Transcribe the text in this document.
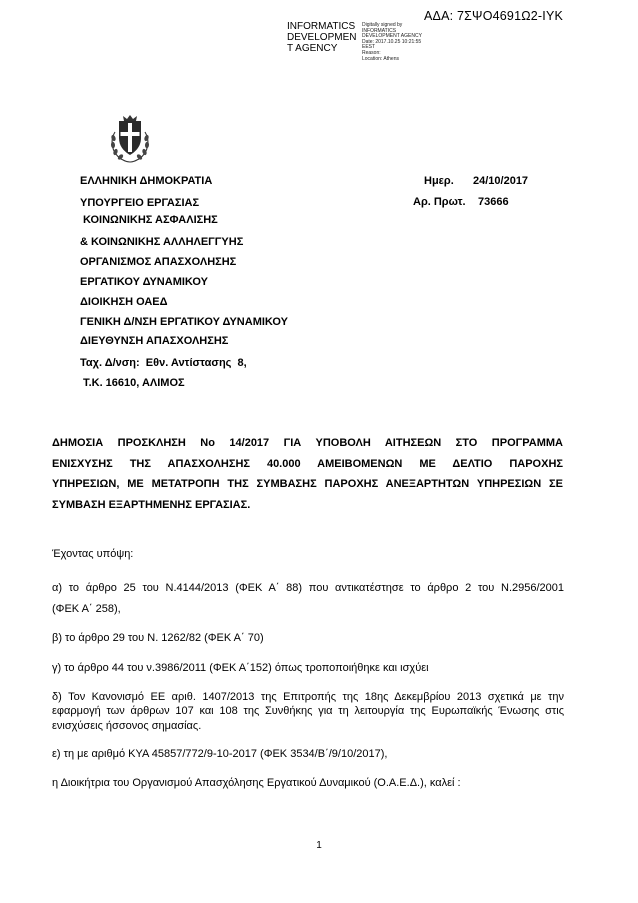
ΑΔΑ: 7ΣΨΟ4691Ω2-ΙΥΚ
INFORMATICS
DEVELOPMEN
T AGENCY
Digitally signed by
INFORMATICS
DEVELOPMENT AGENCY
Date: 2017.10.25 10:21:55
EEST
Reason:
Location: Athens
ΕΛΛΗΝΙΚΗ ΔΗΜΟΚΡΑΤΙΑ
ΥΠΟΥΡΓΕΙΟ ΕΡΓΑΣΙΑΣ
ΚΟΙΝΩΝΙΚΗΣ ΑΣΦΑΛΙΣΗΣ
& ΚΟΙΝΩΝΙΚΗΣ ΑΛΛΗΛΕΓΓΥΗΣ
ΟΡΓΑΝΙΣΜΟΣ ΑΠΑΣΧΟΛΗΣΗΣ
ΕΡΓΑΤΙΚΟΥ ΔΥΝΑΜΙΚΟΥ
ΔΙΟΙΚΗΣΗ ΟΑΕΔ
ΓΕΝΙΚΗ Δ/ΝΣΗ ΕΡΓΑΤΙΚΟΥ ΔΥΝΑΜΙΚΟΥ
ΔΙΕΥΘΥΝΣΗ ΑΠΑΣΧΟΛΗΣΗΣ
Ταχ. Δ/νση:  Εθν. Αντίστασης  8,
Τ.Κ. 16610, ΑΛΙΜΟΣ
Ημερ. 24/10/2017
Αρ. Πρωτ. 73666
ΔΗΜΟΣΙΑ ΠΡΟΣΚΛΗΣΗ Νο 14/2017 ΓΙΑ ΥΠΟΒΟΛΗ ΑΙΤΗΣΕΩΝ ΣΤΟ ΠΡΟΓΡΑΜΜΑ
ΕΝΙΣΧΥΣΗΣ ΤΗΣ ΑΠΑΣΧΟΛΗΣΗΣ 40.000 ΑΜΕΙΒΟΜΕΝΩΝ ΜΕ ΔΕΛΤΙΟ ΠΑΡΟΧΗΣ
ΥΠΗΡΕΣΙΩΝ, ΜΕ ΜΕΤΑΤΡΟΠΗ ΤΗΣ ΣΥΜΒΑΣΗΣ ΠΑΡΟΧΗΣ ΑΝΕΞΑΡΤΗΤΩΝ ΥΠΗΡΕΣΙΩΝ ΣΕ
ΣΥΜΒΑΣΗ ΕΞΑΡΤΗΜΕΝΗΣ ΕΡΓΑΣΙΑΣ.
Έχοντας υπόψη:
α) το άρθρο 25 του Ν.4144/2013 (ΦΕΚ Α΄ 88) που αντικατέστησε το άρθρο 2 του Ν.2956/2001
(ΦΕΚ Α΄ 258),
β) το άρθρο 29 του Ν. 1262/82 (ΦΕΚ Α΄ 70)
γ) το άρθρο 44 του ν.3986/2011 (ΦΕΚ Α΄152) όπως τροποποιήθηκε και ισχύει
δ) Τον Κανονισμό ΕΕ αριθ. 1407/2013 της Επιτροπής της 18ης Δεκεμβρίου 2013 σχετικά με την
εφαρμογή των άρθρων 107 και 108 της Συνθήκης για τη λειτουργία της Ευρωπαϊκής Ένωσης στις
ενισχύσεις ήσσονος σημασίας.
ε) τη με αριθμό ΚΥΑ 45857/772/9-10-2017 (ΦΕΚ 3534/Β΄/9/10/2017),
η Διοικήτρια του Οργανισμού Απασχόλησης Εργατικού Δυναμικού (Ο.Α.Ε.Δ.), καλεί :
1
